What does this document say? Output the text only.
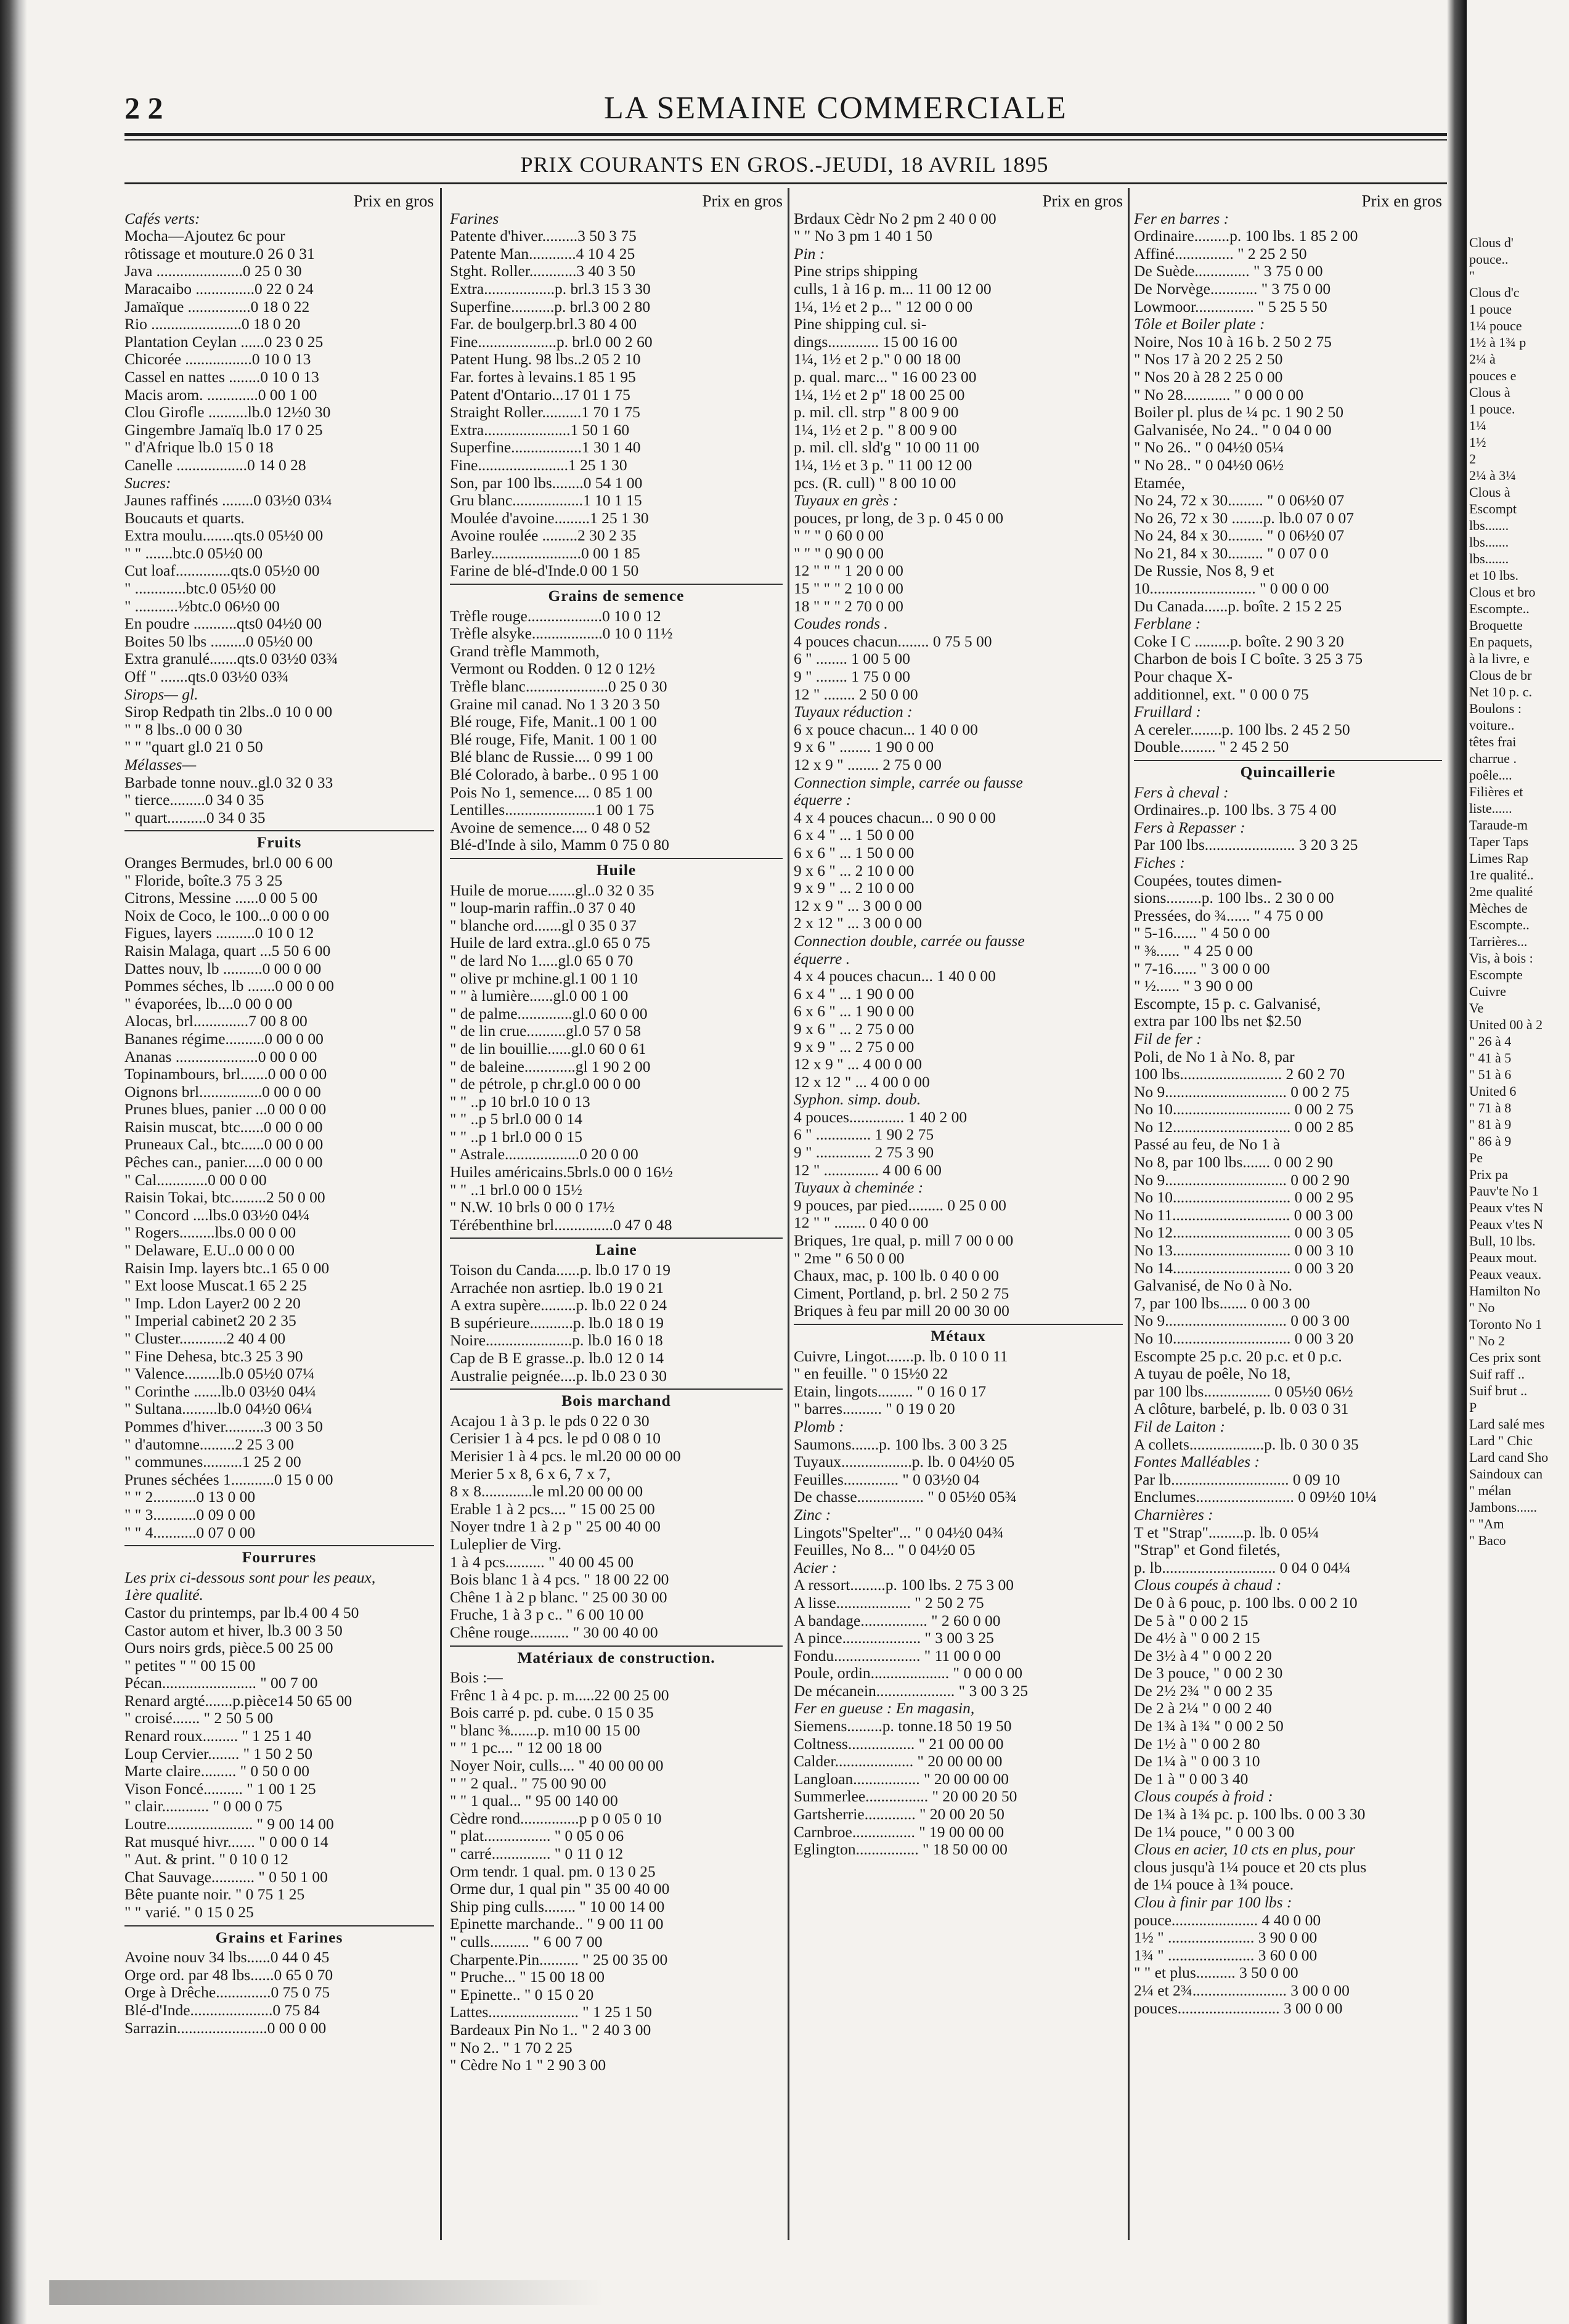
2 2	LA SEMAINE COMMERCIALE
PRIX COURANTS EN GROS.-JEUDI, 18 AVRIL 1895
Prix en gros
Cafés verts:
Mocha—Ajoutez 6c pour
rôtissage et mouture.0 26 0 31
Java ......................0 25 0 30
Maracaibo ...............0 22 0 24
Jamaïque ................0 18 0 22
Rio .......................0 18 0 20
Plantation Ceylan ......0 23 0 25
Chicorée .................0 10 0 13
Cassel en nattes ........0 10 0 13
Macis arom. .............0 00 1 00
Clou Girofle ..........lb.0 12½0 30
Gingembre Jamaïq lb.0 17 0 25
" d'Afrique lb.0 15 0 18
Canelle ..................0 14 0 28
Sucres:
Jaunes raffinés ........0 03½0 03¼
Boucauts et quarts.
Extra moulu........qts.0 05½0 00
" " .......btc.0 05½0 00
Cut loaf..............qts.0 05½0 00
" .............btc.0 05½0 00
" ...........½btc.0 06½0 00
En poudre ...........qts0 04½0 00
Boites 50 lbs .........0 05½0 00
Extra granulé.......qts.0 03½0 03¾
Off " .......qts.0 03½0 03¾
Sirops— gl.
Sirop Redpath tin 2lbs..0 10 0 00
" " 8 lbs..0 00 0 30
" " "quart gl.0 21 0 50
Mélasses—
Barbade tonne nouv..gl.0 32 0 33
" tierce.........0 34 0 35
" quart..........0 34 0 35
Fruits
Oranges Bermudes, brl.0 00 6 00
" Floride, boîte.3 75 3 25
Citrons, Messine ......0 00 5 00
Noix de Coco, le 100...0 00 0 00
Figues, layers ..........0 10 0 12
Raisin Malaga, quart ...5 50 6 00
Dattes nouv, lb ..........0 00 0 00
Pommes séches, lb .......0 00 0 00
" évaporées, lb....0 00 0 00
Alocas, brl..............7 00 8 00
Bananes régime..........0 00 0 00
Ananas .....................0 00 0 00
Topinambours, brl.......0 00 0 00
Oignons brl................0 00 0 00
Prunes blues, panier ...0 00 0 00
Raisin muscat, btc......0 00 0 00
Pruneaux Cal., btc......0 00 0 00
Pêches can., panier.....0 00 0 00
" Cal.............0 00 0 00
Raisin Tokai, btc.........2 50 0 00
" Concord ....lbs.0 03½0 04¼
" Rogers.........lbs.0 00 0 00
" Delaware, E.U..0 00 0 00
Raisin Imp. layers btc..1 65 0 00
" Ext loose Muscat.1 65 2 25
" Imp. Ldon Layer2 00 2 20
" Imperial cabinet2 20 2 35
" Cluster............2 40 4 00
" Fine Dehesa, btc.3 25 3 90
" Valence.........lb.0 05½0 07¼
" Corinthe .......lb.0 03½0 04¼
" Sultana.........lb.0 04½0 06¼
Pommes d'hiver..........3 00 3 50
" d'automne.........2 25 3 00
" communes..........1 25 2 00
Prunes séchées 1...........0 15 0 00
" " 2...........0 13 0 00
" " 3...........0 09 0 00
" " 4...........0 07 0 00
Fourrures
Les prix ci-dessous sont pour les peaux,
1ère qualité.
Castor du printemps, par lb.4 00 4 50
Castor autom et hiver, lb.3 00 3 50
Ours noirs grds, pièce.5 00 25 00
" petites " " 00 15 00
Pécan........................ " 00 7 00
Renard argté.......p.pièce14 50 65 00
" croisé....... " 2 50 5 00
Renard roux......... " 1 25 1 40
Loup Cervier........ " 1 50 2 50
Marte claire......... " 0 50 0 00
Vison Foncé.......... " 1 00 1 25
" clair............ " 0 00 0 75
Loutre...................... " 9 00 14 00
Rat musqué hivr....... " 0 00 0 14
" Aut. & print. " 0 10 0 12
Chat Sauvage........... " 0 50 1 00
Bête puante noir. " 0 75 1 25
" " varié. " 0 15 0 25
Grains et Farines
Avoine nouv 34 lbs......0 44 0 45
Orge ord. par 48 lbs......0 65 0 70
Orge à Drêche..............0 75 0 75
Blé-d'Inde.....................0 75 84
Sarrazin.......................0 00 0 00
Prix en gros
Farines
Patente d'hiver.........3 50 3 75
Patente Man............4 10 4 25
Stght. Roller............3 40 3 50
Extra..................p. brl.3 15 3 30
Superfine...........p. brl.3 00 2 80
Far. de boulgerp.brl.3 80 4 00
Fine....................p. brl.0 00 2 60
Patent Hung. 98 lbs..2 05 2 10
Far. fortes à levains.1 85 1 95
Patent d'Ontario...17 01 1 75
Straight Roller..........1 70 1 75
Extra......................1 50 1 60
Superfine..................1 30 1 40
Fine.......................1 25 1 30
Son, par 100 lbs........0 54 1 00
Gru blanc..................1 10 1 15
Moulée d'avoine.........1 25 1 30
Avoine roulée .........2 30 2 35
Barley.......................0 00 1 85
Farine de blé-d'Inde.0 00 1 50
Grains de semence
Trèfle rouge...................0 10 0 12
Trèfle alsyke..................0 10 0 11½
Grand trèfle Mammoth,
Vermont ou Rodden. 0 12 0 12½
Trèfle blanc.....................0 25 0 30
Graine mil canad. No 1 3 20 3 50
Blé rouge, Fife, Manit..1 00 1 00
Blé rouge, Fife, Manit. 1 00 1 00
Blé blanc de Russie.... 0 99 1 00
Blé Colorado, à barbe.. 0 95 1 00
Pois No 1, semence.... 0 85 1 00
Lentilles.......................1 00 1 75
Avoine de semence.... 0 48 0 52
Blé-d'Inde à silo, Mamm 0 75 0 80
Huile
Huile de morue.......gl..0 32 0 35
" loup-marin raffin..0 37 0 40
" blanche ord.......gl 0 35 0 37
Huile de lard extra..gl.0 65 0 75
" de lard No 1.....gl.0 65 0 70
" olive pr mchine.gl.1 00 1 10
" " à lumière......gl.0 00 1 00
" de palme..............gl.0 60 0 00
" de lin crue..........gl.0 57 0 58
" de lin bouillie......gl.0 60 0 61
" de baleine.............gl 1 90 2 00
" de pétrole, p chr.gl.0 00 0 00
" " ..p 10 brl.0 10 0 13
" " ..p 5 brl.0 00 0 14
" " ..p 1 brl.0 00 0 15
" Astrale...................0 20 0 00
Huiles américains.5brls.0 00 0 16½
" " ..1 brl.0 00 0 15½
" N.W. 10 brls 0 00 0 17½
Térébenthine brl...............0 47 0 48
Laine
Toison du Canda......p. lb.0 17 0 19
Arrachée non asrtiep. lb.0 19 0 21
A extra supère.........p. lb.0 22 0 24
B supérieure...........p. lb.0 18 0 19
Noire......................p. lb.0 16 0 18
Cap de B E grasse..p. lb.0 12 0 14
Australie peignée....p. lb.0 23 0 30
Bois marchand
Acajou 1 à 3 p. le pds 0 22 0 30
Cerisier 1 à 4 pcs. le pd 0 08 0 10
Merisier 1 à 4 pcs. le ml.20 00 00 00
Merier 5 x 8, 6 x 6, 7 x 7,
8 x 8.............le ml.20 00 00 00
Erable 1 à 2 pcs.... " 15 00 25 00
Noyer tndre 1 à 2 p " 25 00 40 00
Luleplier de Virg.
1 à 4 pcs.......... " 40 00 45 00
Bois blanc 1 à 4 pcs. " 18 00 22 00
Chêne 1 à 2 p blanc. " 25 00 30 00
Fruche, 1 à 3 p c.. " 6 00 10 00
Chêne rouge.......... " 30 00 40 00
Matériaux de construction.
Bois :—
Frênc 1 à 4 pc. p. m.....22 00 25 00
Bois carré p. pd. cube. 0 15 0 35
" blanc ⅜.......p. m10 00 15 00
" " 1 pc.... " 12 00 18 00
Noyer Noir, culls.... " 40 00 00 00
" " 2 qual.. " 75 00 90 00
" " 1 qual... " 95 00 140 00
Cèdre rond...............p p 0 05 0 10
" plat................. " 0 05 0 06
" carré............... " 0 11 0 12
Orm tendr. 1 qual. pm. 0 13 0 25
Orme dur, 1 qual pin " 35 00 40 00
Ship ping culls........ " 10 00 14 00
Epinette marchande.. " 9 00 11 00
" culls.......... " 6 00 7 00
Charpente.Pin.......... " 25 00 35 00
" Pruche... " 15 00 18 00
" Epinette.. " 0 15 0 20
Lattes....................... " 1 25 1 50
Bardeaux Pin No 1.. " 2 40 3 00
" No 2.. " 1 70 2 25
" Cèdre No 1 " 2 90 3 00
Prix en gros
Brdaux Cèdr No 2 pm 2 40 0 00
" " No 3 pm 1 40 1 50
Pin :
Pine strips shipping
culls, 1 à 16 p. m... 11 00 12 00
1¼, 1½ et 2 p... " 12 00 0 00
Pine shipping cul. si-
dings............. 15 00 16 00
1¼, 1½ et 2 p." 0 00 18 00
p. qual. marc... " 16 00 23 00
1¼, 1½ et 2 p" 18 00 25 00
p. mil. cll. strp " 8 00 9 00
1¼, 1½ et 2 p. " 8 00 9 00
p. mil. cll. sld'g " 10 00 11 00
1¼, 1½ et 3 p. " 11 00 12 00
pcs. (R. cull) " 8 00 10 00
Tuyaux en grès :
pouces, pr long, de 3 p. 0 45 0 00
" " " 0 60 0 00
" " " 0 90 0 00
12 " " " 1 20 0 00
15 " " " 2 10 0 00
18 " " " 2 70 0 00
Coudes ronds .
4 pouces chacun........ 0 75 5 00
6 " ........ 1 00 5 00
9 " ........ 1 75 0 00
12 " ........ 2 50 0 00
Tuyaux réduction :
6 x pouce chacun... 1 40 0 00
9 x 6 " ........ 1 90 0 00
12 x 9 " ........ 2 75 0 00
Connection simple, carrée ou fausse
équerre :
4 x 4 pouces chacun... 0 90 0 00
6 x 4 " ... 1 50 0 00
6 x 6 " ... 1 50 0 00
9 x 6 " ... 2 10 0 00
9 x 9 " ... 2 10 0 00
12 x 9 " ... 3 00 0 00
2 x 12 " ... 3 00 0 00
Connection double, carrée ou fausse
équerre .
4 x 4 pouces chacun... 1 40 0 00
6 x 4 " ... 1 90 0 00
6 x 6 " ... 1 90 0 00
9 x 6 " ... 2 75 0 00
9 x 9 " ... 2 75 0 00
12 x 9 " ... 4 00 0 00
12 x 12 " ... 4 00 0 00
Syphon. simp. doub.
4 pouces.............. 1 40 2 00
6 " .............. 1 90 2 75
9 " .............. 2 75 3 90
12 " .............. 4 00 6 00
Tuyaux à cheminée :
9 pouces, par pied......... 0 25 0 00
12 " " ........ 0 40 0 00
Briques, 1re qual, p. mill 7 00 0 00
" 2me " 6 50 0 00
Chaux, mac, p. 100 lb. 0 40 0 00
Ciment, Portland, p. brl. 2 50 2 75
Briques à feu par mill 20 00 30 00
Métaux
Cuivre, Lingot.......p. lb. 0 10 0 11
" en feuille. " 0 15½0 22
Etain, lingots......... " 0 16 0 17
" barres.......... " 0 19 0 20
Plomb :
Saumons.......p. 100 lbs. 3 00 3 25
Tuyaux..................p. lb. 0 04½0 05
Feuilles.............. " 0 03½0 04
De chasse................. " 0 05½0 05¾
Zinc :
Lingots"Spelter"... " 0 04½0 04¾
Feuilles, No 8... " 0 04½0 05
Acier :
A ressort.........p. 100 lbs. 2 75 3 00
A lisse................... " 2 50 2 75
A bandage................. " 2 60 0 00
A pince.................... " 3 00 3 25
Fondu...................... " 11 00 0 00
Poule, ordin.................... " 0 00 0 00
De mécanein.................... " 3 00 3 25
Fer en gueuse : En magasin,
Siemens.........p. tonne.18 50 19 50
Coltness................. " 21 00 00 00
Calder.................... " 20 00 00 00
Langloan................. " 20 00 00 00
Summerlee................ " 20 00 20 50
Gartsherrie............. " 20 00 20 50
Carnbroe................ " 19 00 00 00
Eglington................ " 18 50 00 00
Prix en gros
Fer en barres :
Ordinaire.........p. 100 lbs. 1 85 2 00
Affiné............... " 2 25 2 50
De Suède.............. " 3 75 0 00
De Norvège............ " 3 75 0 00
Lowmoor............... " 5 25 5 50
Tôle et Boiler plate :
Noire, Nos 10 à 16 b. 2 50 2 75
" Nos 17 à 20 2 25 2 50
" Nos 20 à 28 2 25 0 00
" No 28............ " 0 00 0 00
Boiler pl. plus de ¼ pc. 1 90 2 50
Galvanisée, No 24.. " 0 04 0 00
" No 26.. " 0 04½0 05¼
" No 28.. " 0 04½0 06½
Etamée,
No 24, 72 x 30......... " 0 06½0 07
No 26, 72 x 30 ........p. lb.0 07 0 07
No 24, 84 x 30......... " 0 06½0 07
No 21, 84 x 30......... " 0 07 0 0
De Russie, Nos 8, 9 et
10........................... " 0 00 0 00
Du Canada......p. boîte. 2 15 2 25
Ferblane :
Coke I C .........p. boîte. 2 90 3 20
Charbon de bois I C boîte. 3 25 3 75
Pour chaque X-
additionnel, ext. " 0 00 0 75
Fruillard :
A cereler........p. 100 lbs. 2 45 2 50
Double......... " 2 45 2 50
Quincaillerie
Fers à cheval :
Ordinaires..p. 100 lbs. 3 75 4 00
Fers à Repasser :
Par 100 lbs....................... 3 20 3 25
Fiches :
Coupées, toutes dimen-
sions.........p. 100 lbs.. 2 30 0 00
Pressées, do ¾...... " 4 75 0 00
" 5-16...... " 4 50 0 00
" ⅜...... " 4 25 0 00
" 7-16...... " 3 00 0 00
" ½...... " 3 90 0 00
Escompte, 15 p. c. Galvanisé,
extra par 100 lbs net $2.50
Fil de fer :
Poli, de No 1 à No. 8, par
100 lbs.......................... 2 60 2 70
No 9............................... 0 00 2 75
No 10.............................. 0 00 2 75
No 12.............................. 0 00 2 85
Passé au feu, de No 1 à
No 8, par 100 lbs....... 0 00 2 90
No 9............................... 0 00 2 90
No 10.............................. 0 00 2 95
No 11.............................. 0 00 3 00
No 12.............................. 0 00 3 05
No 13.............................. 0 00 3 10
No 14.............................. 0 00 3 20
Galvanisé, de No 0 à No.
7, par 100 lbs....... 0 00 3 00
No 9............................... 0 00 3 00
No 10.............................. 0 00 3 20
Escompte 25 p.c. 20 p.c. et 0 p.c.
A tuyau de poêle, No 18,
par 100 lbs................. 0 05½0 06½
A clôture, barbelé, p. lb. 0 03 0 31
Fil de Laiton :
A collets...................p. lb. 0 30 0 35
Fontes Malléables :
Par lb.............................. 0 09 10
Enclumes......................... 0 09½0 10¼
Charnières :
T et "Strap".........p. lb. 0 05¼
"Strap" et Gond filetés,
p. lb............................. 0 04 0 04¼
Clous coupés à chaud :
De 0 à 6 pouc, p. 100 lbs. 0 00 2 10
De 5 à " 0 00 2 15
De 4½ à " 0 00 2 15
De 3½ à 4 " 0 00 2 20
De 3 pouce, " 0 00 2 30
De 2½ 2¾ " 0 00 2 35
De 2 à 2¼ " 0 00 2 40
De 1¾ à 1¾ " 0 00 2 50
De 1½ à " 0 00 2 80
De 1¼ à " 0 00 3 10
De 1 à " 0 00 3 40
Clous coupés à froid :
De 1¾ à 1¾ pc. p. 100 lbs. 0 00 3 30
De 1¼ pouce, " 0 00 3 00
Clous en acier, 10 cts en plus, pour
clous jusqu'à 1¼ pouce et 20 cts plus
de 1¼ pouce à 1¾ pouce.
Clou à finir par 100 lbs :
pouce...................... 4 40 0 00
1½ " ...................... 3 90 0 00
1¾ " ...................... 3 60 0 00
" " et plus.......... 3 50 0 00
2¼ et 2¾........................ 3 00 0 00
pouces.......................... 3 00 0 00
Clous d'
pouce..
"
Clous d'c
1 pouce
1¼ pouce
1½ à 1¾ p
2¼ à
pouces e
Clous à
1 pouce.
1¼
1½
2
2¼ à 3¼
Clous à
Escompt
lbs.......
lbs.......
lbs.......
et 10 lbs.
Clous et bro
Escompte..
Broquette
En paquets,
à la livre, e
Clous de br
Net 10 p. c.
Boulons :
voiture..
têtes frai
charrue .
poêle....
Filières et
liste......
Taraude-m
Taper Taps
Limes Rap
1re qualité..
2me qualité
Mèches de
Escompte..
Tarrières...
Vis, à bois :
Escompte
Cuivre
Ve
United 00 à 2
" 26 à 4
" 41 à 5
" 51 à 6
United 6
" 71 à 8
" 81 à 9
" 86 à 9
Pe
Prix pa
Pauv'te No 1
Peaux v'tes N
Peaux v'tes N
Bull, 10 lbs.
Peaux mout.
Peaux veaux.
Hamilton No
" No
Toronto No 1
" No 2
Ces prix sont
Suif raff ..
Suif brut ..
P
Lard salé mes
Lard " Chic
Lard cand Sho
Saindoux can
" mélan
Jambons......
" "Am
" Baco
